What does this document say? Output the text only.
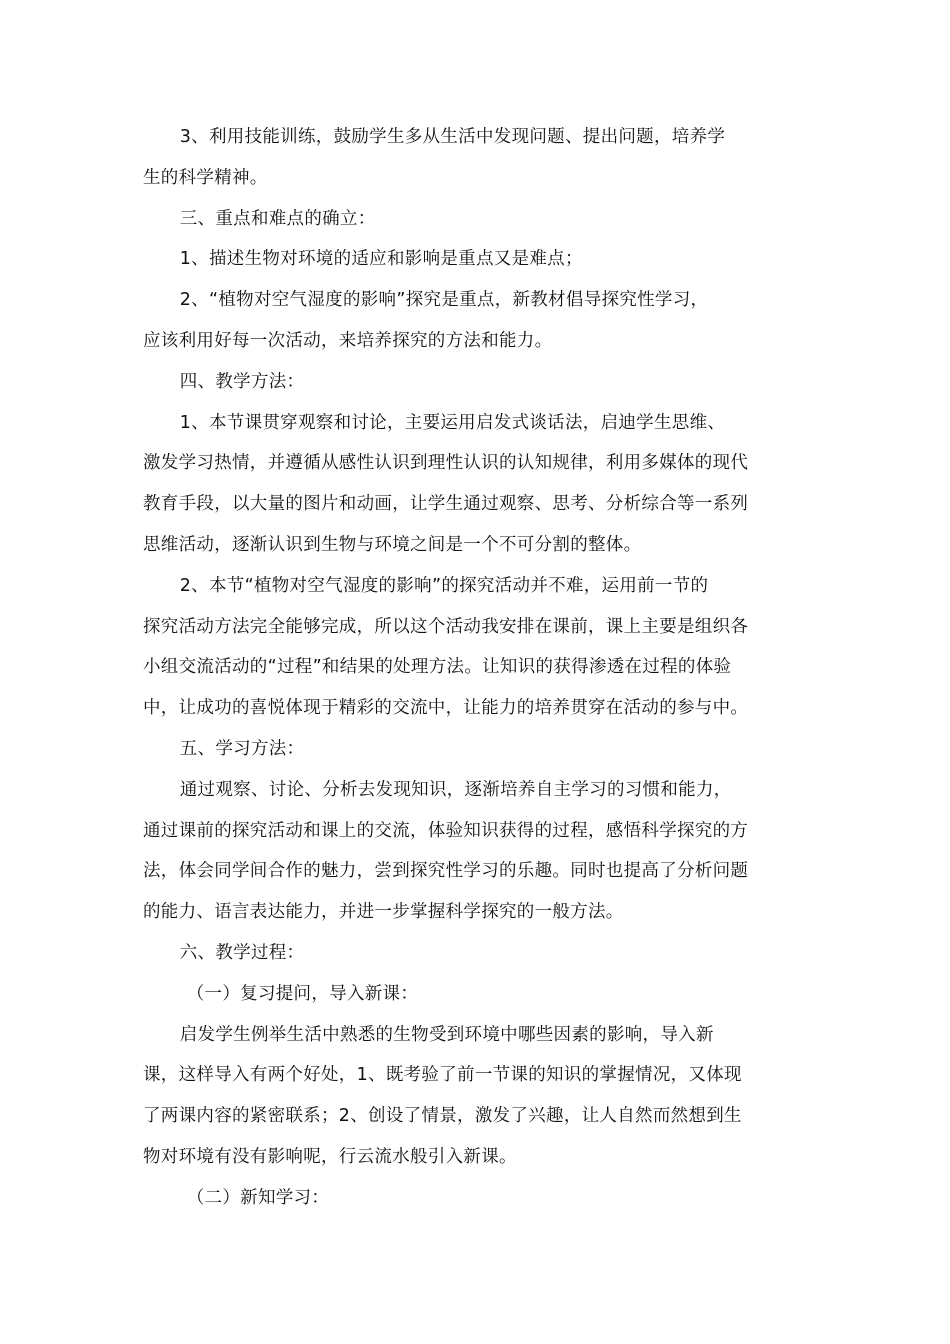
3、利用技能训练，鼓励学生多从生活中发现问题、提出问题，培养学

生的科学精神。

三、重点和难点的确立：

1、描述生物对环境的适应和影响是重点又是难点；

2、“植物对空气湿度的影响”探究是重点，新教材倡导探究性学习，

应该利用好每一次活动，来培养探究的方法和能力。

四、教学方法：

1、本节课贯穿观察和讨论，主要运用启发式谈话法，启迪学生思维、

激发学习热情，并遵循从感性认识到理性认识的认知规律，利用多媒体的现代

教育手段，以大量的图片和动画，让学生通过观察、思考、分析综合等一系列

思维活动，逐渐认识到生物与环境之间是一个不可分割的整体。

2、本节“植物对空气湿度的影响”的探究活动并不难，运用前一节的

探究活动方法完全能够完成，所以这个活动我安排在课前，课上主要是组织各

小组交流活动的“过程”和结果的处理方法。让知识的获得渗透在过程的体验

中，让成功的喜悦体现于精彩的交流中，让能力的培养贯穿在活动的参与中。

五、学习方法：

通过观察、讨论、分析去发现知识，逐渐培养自主学习的习惯和能力，

通过课前的探究活动和课上的交流，体验知识获得的过程，感悟科学探究的方

法，体会同学间合作的魅力，尝到探究性学习的乐趣。同时也提高了分析问题

的能力、语言表达能力，并进一步掌握科学探究的一般方法。

六、教学过程：

（一）复习提问，导入新课：

启发学生例举生活中熟悉的生物受到环境中哪些因素的影响，导入新

课，这样导入有两个好处，1、既考验了前一节课的知识的掌握情况，又体现

了两课内容的紧密联系；2、创设了情景，激发了兴趣，让人自然而然想到生

物对环境有没有影响呢，行云流水般引入新课。

（二）新知学习：
